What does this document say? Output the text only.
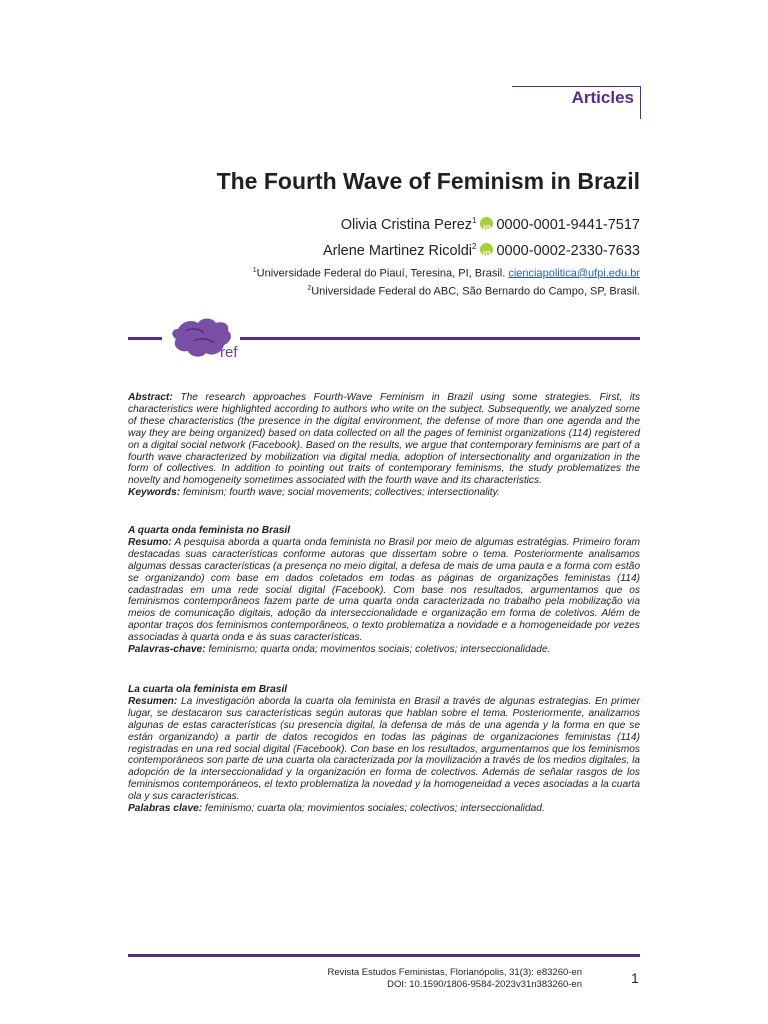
Articles
The Fourth Wave of Feminism in Brazil
Olivia Cristina Perez$^1$ iD 0000-0001-9441-7517
Arlene Martinez Ricoldi$^2$ iD 0000-0002-2330-7633
$^1$Universidade Federal do Piauí, Teresina, PI, Brasil. cienciapolitica@ufpi.edu.br
$^2$Universidade Federal do ABC, São Bernardo do Campo, SP, Brasil.
ref

Abstract: The research approaches Fourth-Wave Feminism in Brazil using some strategies. First, its characteristics were highlighted according to authors who write on the subject. Subsequently, we analyzed some of these characteristics (the presence in the digital environment, the defense of more than one agenda and the way they are being organized) based on data collected on all the pages of feminist organizations (114) registered on a digital social network (Facebook). Based on the results, we argue that contemporary feminisms are part of a fourth wave characterized by mobilization via digital media, adoption of intersectionality and organization in the form of collectives. In addition to pointing out traits of contemporary feminisms, the study problematizes the novelty and homogeneity sometimes associated with the fourth wave and its characteristics.

Keywords: feminism; fourth wave; social movements; collectives; intersectionality.

A quarta onda feminista no Brasil

Resumo: A pesquisa aborda a quarta onda feminista no Brasil por meio de algumas estratégias. Primeiro foram destacadas suas características conforme autoras que dissertam sobre o tema. Posteriormente analisamos algumas dessas características (a presença no meio digital, a defesa de mais de uma pauta e a forma com estão se organizando) com base em dados coletados em todas as páginas de organizações feministas (114) cadastradas em uma rede social digital (Facebook). Com base nos resultados, argumentamos que os feminismos contemporâneos fazem parte de uma quarta onda caracterizada no trabalho pela mobilização via meios de comunicação digitais, adoção da interseccionalidade e organização em forma de coletivos. Além de apontar traços dos feminismos contemporâneos, o texto problematiza a novidade e a homogeneidade por vezes associadas à quarta onda e às suas características.

Palavras-chave: feminismo; quarta onda; movimentos sociais; coletivos; interseccionalidade.

La cuarta ola feminista em Brasil

Resumen: La investigación aborda la cuarta ola feminista en Brasil a través de algunas estrategias. En primer lugar, se destacaron sus características según autoras que hablan sobre el tema. Posteriormente, analizamos algunas de estas características (su presencia digital, la defensa de más de una agenda y la forma en que se están organizando) a partir de datos recogidos en todas las páginas de organizaciones feministas (114) registradas en una red social digital (Facebook). Con base en los resultados, argumentamos que los feminismos contemporáneos son parte de una cuarta ola caracterizada por la movilización a través de los medios digitales, la adopción de la interseccionalidad y la organización en forma de colectivos. Además de señalar rasgos de los feminismos contemporáneos, el texto problematiza la novedad y la homogeneidad a veces asociadas a la cuarta ola y sus características.

Palabras clave: feminismo; cuarta ola; movimientos sociales; colectivos; interseccionalidad.

Revista Estudos Feministas, Florianópolis, 31(3): e83260-en
DOI: 10.1590/1806-9584-2023v31n383260-en	1
